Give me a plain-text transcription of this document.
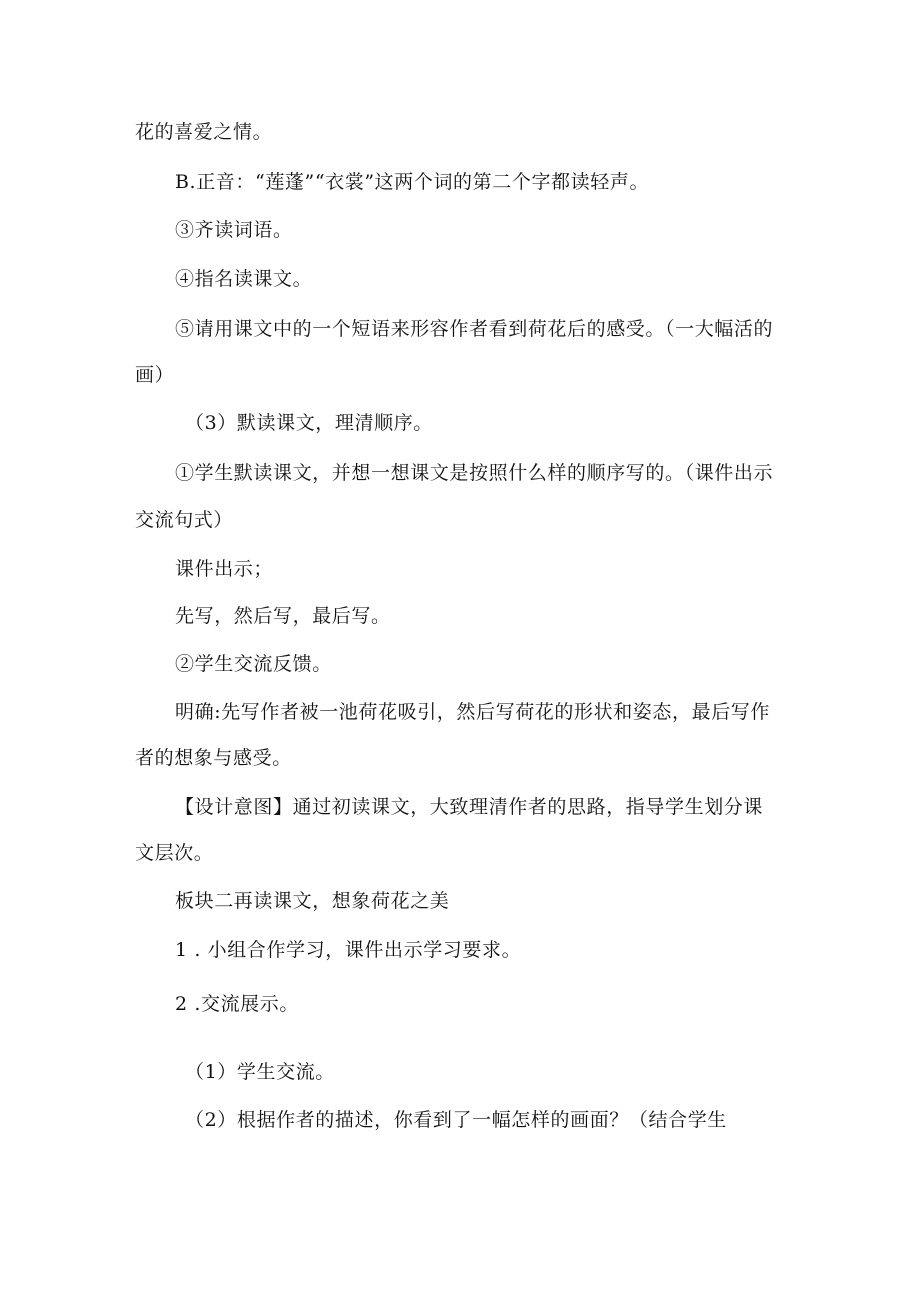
花的喜爱之情。
B.正音：“莲蓬”“衣裳”这两个词的第二个字都读轻声。
③齐读词语。
④指名读课文。
⑤请用课文中的一个短语来形容作者看到荷花后的感受。（一大幅活的
画）
（3）默读课文，理清顺序。
①学生默读课文，并想一想课文是按照什么样的顺序写的。（课件出示
交流句式）
课件出示；
先写，然后写，最后写。
②学生交流反馈。
明确:先写作者被一池荷花吸引，然后写荷花的形状和姿态，最后写作
者的想象与感受。
【设计意图】通过初读课文，大致理清作者的思路，指导学生划分课
文层次。
板块二再读课文，想象荷花之美
1 . 小组合作学习，课件出示学习要求。
2 .交流展示。
（1）学生交流。
（2）根据作者的描述，你看到了一幅怎样的画面？（结合学生
